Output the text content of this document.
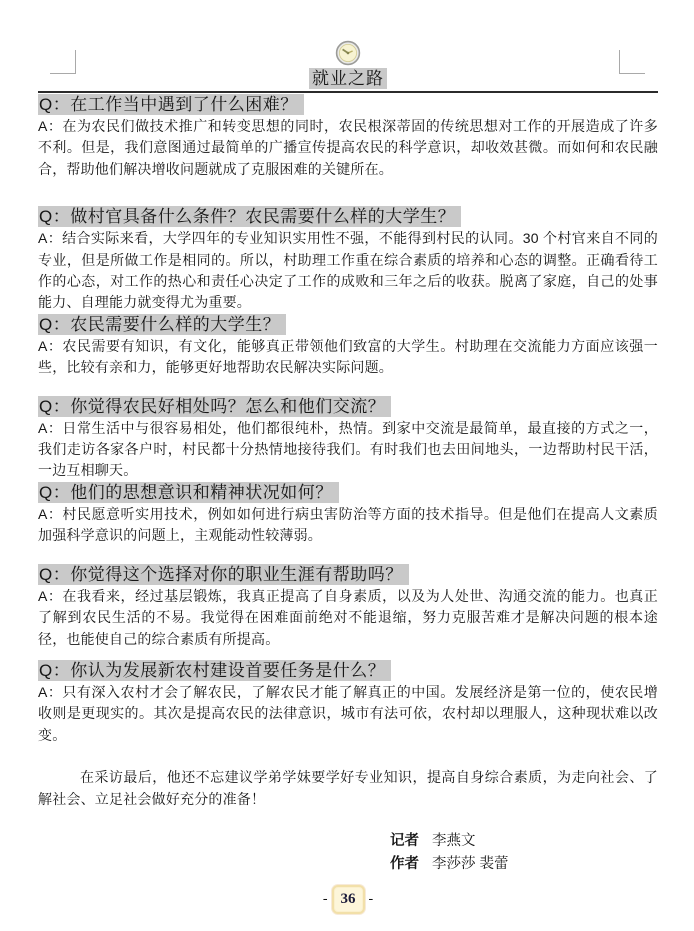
就业之路
Q：在工作当中遇到了什么困难？

A：在为农民们做技术推广和转变思想的同时，农民根深蒂固的传统思想对工作的开展造成了许多不利。但是，我们意图通过最简单的广播宣传提高农民的科学意识，却收效甚微。而如何和农民融合，帮助他们解决增收问题就成了克服困难的关键所在。

Q：做村官具备什么条件？农民需要什么样的大学生？

A：结合实际来看，大学四年的专业知识实用性不强，不能得到村民的认同。30 个村官来自不同的专业，但是所做工作是相同的。所以，村助理工作重在综合素质的培养和心态的调整。正确看待工作的心态，对工作的热心和责任心决定了工作的成败和三年之后的收获。脱离了家庭，自己的处事能力、自理能力就变得尤为重要。

Q：农民需要什么样的大学生？

A：农民需要有知识，有文化，能够真正带领他们致富的大学生。村助理在交流能力方面应该强一些，比较有亲和力，能够更好地帮助农民解决实际问题。

Q：你觉得农民好相处吗？怎么和他们交流？

A：日常生活中与很容易相处，他们都很纯朴，热情。到家中交流是最简单，最直接的方式之一，我们走访各家各户时，村民都十分热情地接待我们。有时我们也去田间地头，一边帮助村民干活，一边互相聊天。

Q：他们的思想意识和精神状况如何？

A：村民愿意听实用技术，例如如何进行病虫害防治等方面的技术指导。但是他们在提高人文素质加强科学意识的问题上，主观能动性较薄弱。

Q：你觉得这个选择对你的职业生涯有帮助吗？

A：在我看来，经过基层锻炼，我真正提高了自身素质，以及为人处世、沟通交流的能力。也真正了解到农民生活的不易。我觉得在困难面前绝对不能退缩，努力克服苦难才是解决问题的根本途径，也能使自己的综合素质有所提高。

Q：你认为发展新农村建设首要任务是什么？

A：只有深入农村才会了解农民，了解农民才能了解真正的中国。发展经济是第一位的，使农民增收则是更现实的。其次是提高农民的法律意识，城市有法可依，农村却以理服人，这种现状难以改变。

在采访最后，他还不忘建议学弟学妹要学好专业知识，提高自身综合素质，为走向社会、了解社会、立足社会做好充分的准备！

记者 李燕文
作者 李莎莎 裴蕾
- 36 -
